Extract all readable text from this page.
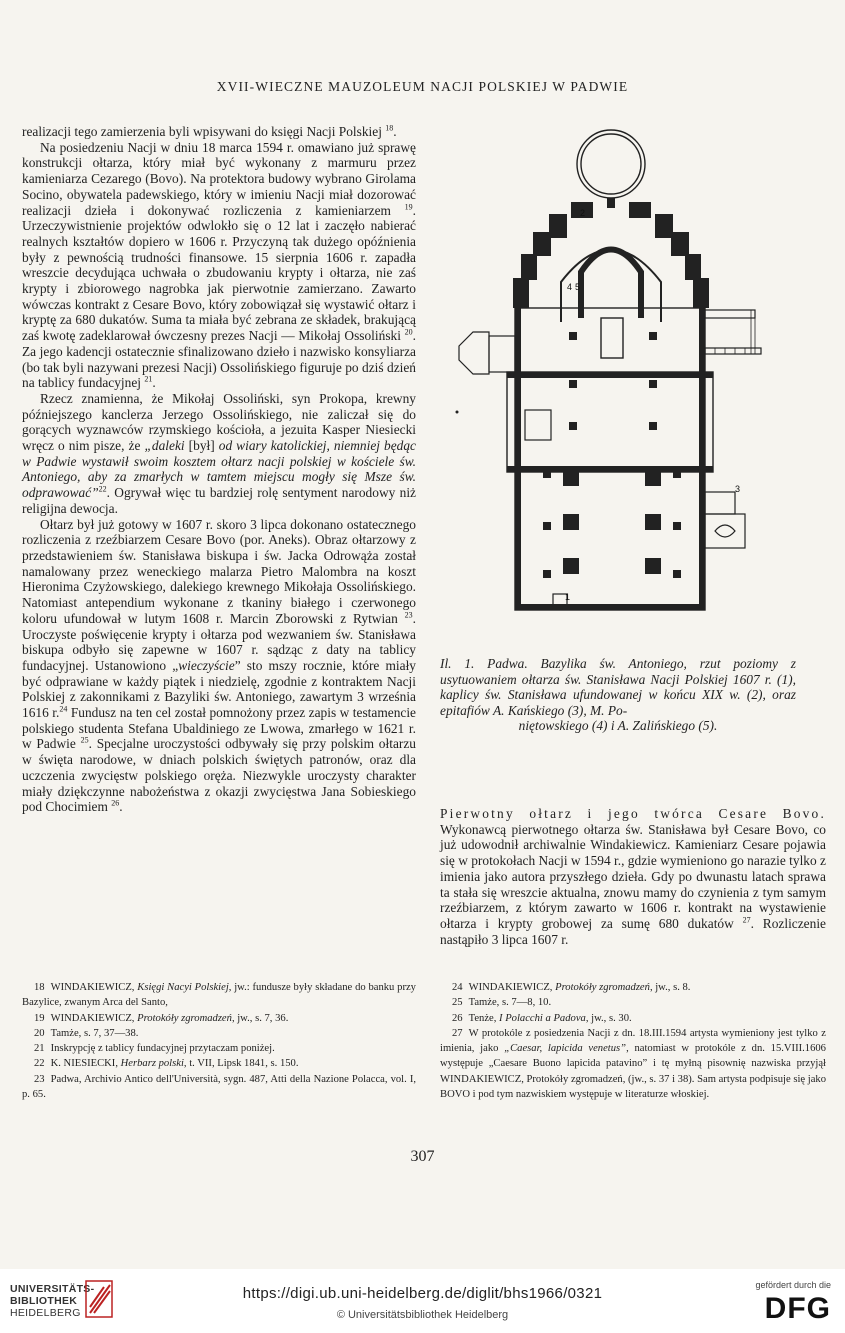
XVII-WIECZNE MAUZOLEUM NACJI POLSKIEJ W PADWIE

realizacji tego zamierzenia byli wpisywani do księgi Nacji Polskiej $^{18}$.

Na posiedzeniu Nacji w dniu 18 marca 1594 r. omawiano już sprawę konstrukcji ołtarza, który miał być wykonany z marmuru przez kamieniarza Cezarego (Bovo). Na protektora budowy wybrano Girolama Socino, obywatela padewskiego, który w imieniu Nacji miał dozorować realizacji dzieła i dokonywać rozliczenia z kamieniarzem $^{19}$. Urzeczywistnienie projektów odwlokło się o 12 lat i zaczęło nabierać realnych kształtów dopiero w 1606 r. Przyczyną tak dużego opóźnienia były z pewnością trudności finansowe. 15 sierpnia 1606 r. zapadła wreszcie decydująca uchwała o zbudowaniu krypty i ołtarza, nie zaś krypty i zbiorowego nagrobka jak pierwotnie zamierzano. Zawarto wówczas kontrakt z Cesare Bovo, który zobowiązał się wystawić ołtarz i kryptę za 680 dukatów. Suma ta miała być zebrana ze składek, brakującą zaś kwotę zadeklarował ówczesny prezes Nacji — Mikołaj Ossoliński $^{20}$. Za jego kadencji ostatecznie sfinalizowano dzieło i nazwisko konsyliarza (bo tak byli nazywani prezesi Nacji) Ossolińskiego figuruje po dziś dzień na tablicy fundacyjnej $^{21}$.

Rzecz znamienna, że Mikołaj Ossoliński, syn Prokopa, krewny późniejszego kanclerza Jerzego Ossolińskiego, nie zaliczał się do gorących wyznawców rzymskiego kościoła, a jezuita Kasper Niesiecki wręcz o nim pisze, że „daleki [był] od wiary katolickiej, niemniej będąc w Padwie wystawił swoim kosztem ołtarz nacji polskiej w kościele św. Antoniego, aby za zmarłych w tamtem miejscu mogły się Msze św. odprawować”$^{22}$. Ogrywał więc tu bardziej rolę sentyment narodowy niż religijna dewocja.

Ołtarz był już gotowy w 1607 r. skoro 3 lipca dokonano ostatecznego rozliczenia z rzeźbiarzem Cesare Bovo (por. Aneks). Obraz ołtarzowy z przedstawieniem św. Stanisława biskupa i św. Jacka Odrowąża został namalowany przez weneckiego malarza Pietro Malombra na koszt Hieronima Czyżowskiego, dalekiego krewnego Mikołaja Ossolińskiego. Natomiast antependium wykonane z tkaniny białego i czerwonego koloru ufundował w lutym 1608 r. Marcin Zborowski z Rytwian $^{23}$. Uroczyste poświęcenie krypty i ołtarza pod wezwaniem św. Stanisława biskupa odbyło się zapewne w 1607 r. sądząc z daty na tablicy fundacyjnej. Ustanowiono „wieczyście” sto mszy rocznie, które miały być odprawiane w każdy piątek i niedzielę, zgodnie z kontraktem Nacji Polskiej z zakonnikami z Bazyliki św. Antoniego, zawartym 3 września 1616 r.$^{24}$ Fundusz na ten cel został pomnożony przez zapis w testamencie polskiego studenta Stefana Ubaldiniego ze Lwowa, zmarłego w 1621 r. w Padwie $^{25}$. Specjalne uroczystości odbywały się przy polskim ołtarzu w święta narodowe, w dniach polskich świętych patronów, oraz dla uczczenia zwycięstw polskiego oręża. Niezwykle uroczysty charakter miały dziękczynne nabożeństwa z okazji zwycięstwa Jana Sobieskiego pod Chocimiem $^{26}$.

1
2
3
4 5
Il. 1. Padwa. Bazylika św. Antoniego, rzut poziomy z usytuowaniem ołtarza św. Stanisława Nacji Polskiej 1607 r. (1), kaplicy św. Stanisława ufundowanej w końcu XIX w. (2), oraz epitafiów A. Kańskiego (3), M. Po-
niętowskiego (4) i A. Zalińskiego (5).

Pierwotny ołtarz i jego twórca Cesare Bovo. Wykonawcą pierwotnego ołtarza św. Stanisława był Cesare Bovo, co już udowodnił archiwalnie Windakiewicz. Kamieniarz Cesare pojawia się w protokołach Nacji w 1594 r., gdzie wymieniono go narazie tylko z imienia jako autora przyszłego dzieła. Gdy po dwunastu latach sprawa ta stała się wreszcie aktualna, znowu mamy do czynienia z tym samym rzeźbiarzem, z którym zawarto w 1606 r. kontrakt na wystawienie ołtarza i krypty grobowej za sumę 680 dukatów $^{27}$. Rozliczenie nastąpiło 3 lipca 1607 r.

18 WINDAKIEWICZ, Księgi Nacyi Polskiej, jw.: fundusze były składane do banku przy Bazylice, zwanym Arca del Santo,

19 WINDAKIEWICZ, Protokóły zgromadzeń, jw., s. 7, 36.

20 Tamże, s. 7, 37—38.

21 Inskrypcję z tablicy fundacyjnej przytaczam poniżej.

22 K. NIESIECKI, Herbarz polski, t. VII, Lipsk 1841, s. 150.

23 Padwa, Archivio Antico dell'Università, sygn. 487, Atti della Nazione Polacca, vol. I, p. 65.

24 WINDAKIEWICZ, Protokóły zgromadzeń, jw., s. 8.

25 Tamże, s. 7—8, 10.

26 Tenże, I Polacchi a Padova, jw., s. 30.

27 W protokóle z posiedzenia Nacji z dn. 18.III.1594 artysta wymieniony jest tylko z imienia, jako „Caesar, lapicida venetus”, natomiast w protokóle z dn. 15.VIII.1606 występuje „Caesare Buono lapicida patavino” i tę myłną pisownię nazwiska przyjął WINDAKIEWICZ, Protokóły zgromadzeń, (jw., s. 37 i 38). Sam artysta podpisuje się jako BOVO i pod tym nazwiskiem występuje w literaturze włoskiej.

307
UNIVERSITÄTS-
BIBLIOTHEK
HEIDELBERG
https://digi.ub.uni-heidelberg.de/diglit/bhs1966/0321
© Universitätsbibliothek Heidelberg
gefördert durch die
DFG
